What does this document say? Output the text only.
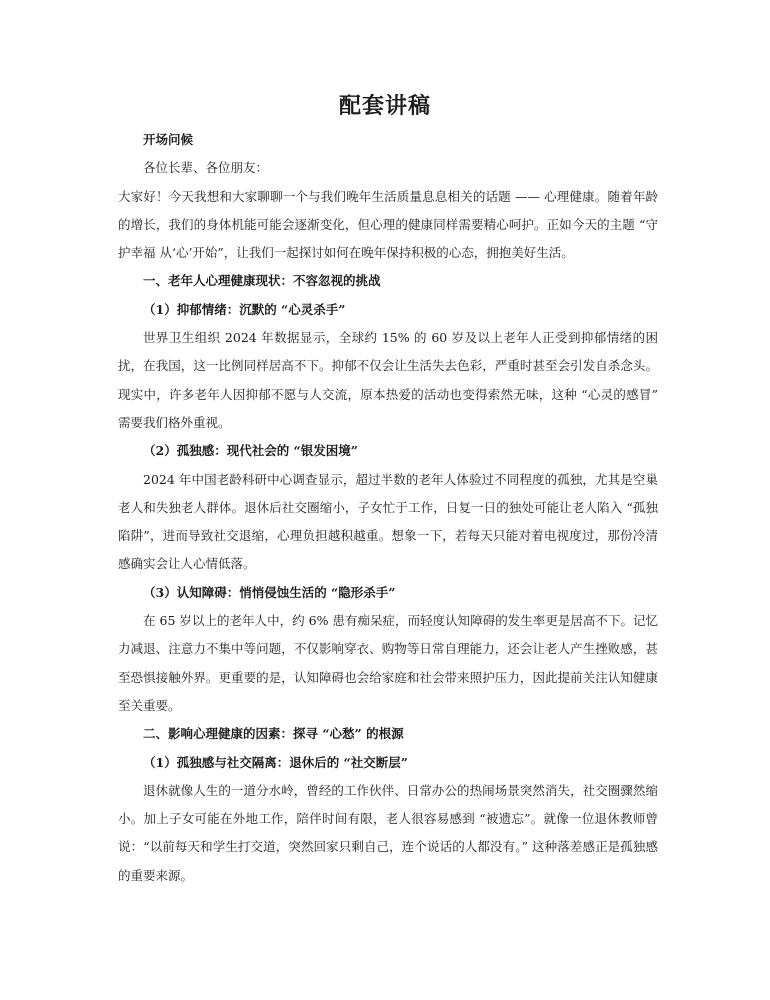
配套讲稿

开场问候

各位长辈、各位朋友：

大家好！今天我想和大家聊聊一个与我们晚年生活质量息息相关的话题 —— 心理健康。随着年龄的增长，我们的身体机能可能会逐渐变化，但心理的健康同样需要精心呵护。正如今天的主题 “守护幸福 从‘心’开始”，让我们一起探讨如何在晚年保持积极的心态，拥抱美好生活。

一、老年人心理健康现状：不容忽视的挑战

（1）抑郁情绪：沉默的 “心灵杀手”

世界卫生组织 2024 年数据显示，全球约 15% 的 60 岁及以上老年人正受到抑郁情绪的困扰，在我国，这一比例同样居高不下。抑郁不仅会让生活失去色彩，严重时甚至会引发自杀念头。现实中，许多老年人因抑郁不愿与人交流，原本热爱的活动也变得索然无味，这种 “心灵的感冒” 需要我们格外重视。

（2）孤独感：现代社会的 “银发困境”

2024 年中国老龄科研中心调查显示，超过半数的老年人体验过不同程度的孤独，尤其是空巢老人和失独老人群体。退休后社交圈缩小，子女忙于工作，日复一日的独处可能让老人陷入 “孤独陷阱”，进而导致社交退缩，心理负担越积越重。想象一下，若每天只能对着电视度过，那份冷清感确实会让人心情低落。

（3）认知障碍：悄悄侵蚀生活的 “隐形杀手”

在 65 岁以上的老年人中，约 6% 患有痴呆症，而轻度认知障碍的发生率更是居高不下。记忆力减退、注意力不集中等问题，不仅影响穿衣、购物等日常自理能力，还会让老人产生挫败感，甚至恐惧接触外界。更重要的是，认知障碍也会给家庭和社会带来照护压力，因此提前关注认知健康至关重要。

二、影响心理健康的因素：探寻 “心愁” 的根源

（1）孤独感与社交隔离：退休后的 “社交断层”

退休就像人生的一道分水岭，曾经的工作伙伴、日常办公的热闹场景突然消失，社交圈骤然缩小。加上子女可能在外地工作，陪伴时间有限，老人很容易感到 “被遗忘”。就像一位退休教师曾说：“以前每天和学生打交道，突然回家只剩自己，连个说话的人都没有。” 这种落差感正是孤独感的重要来源。
